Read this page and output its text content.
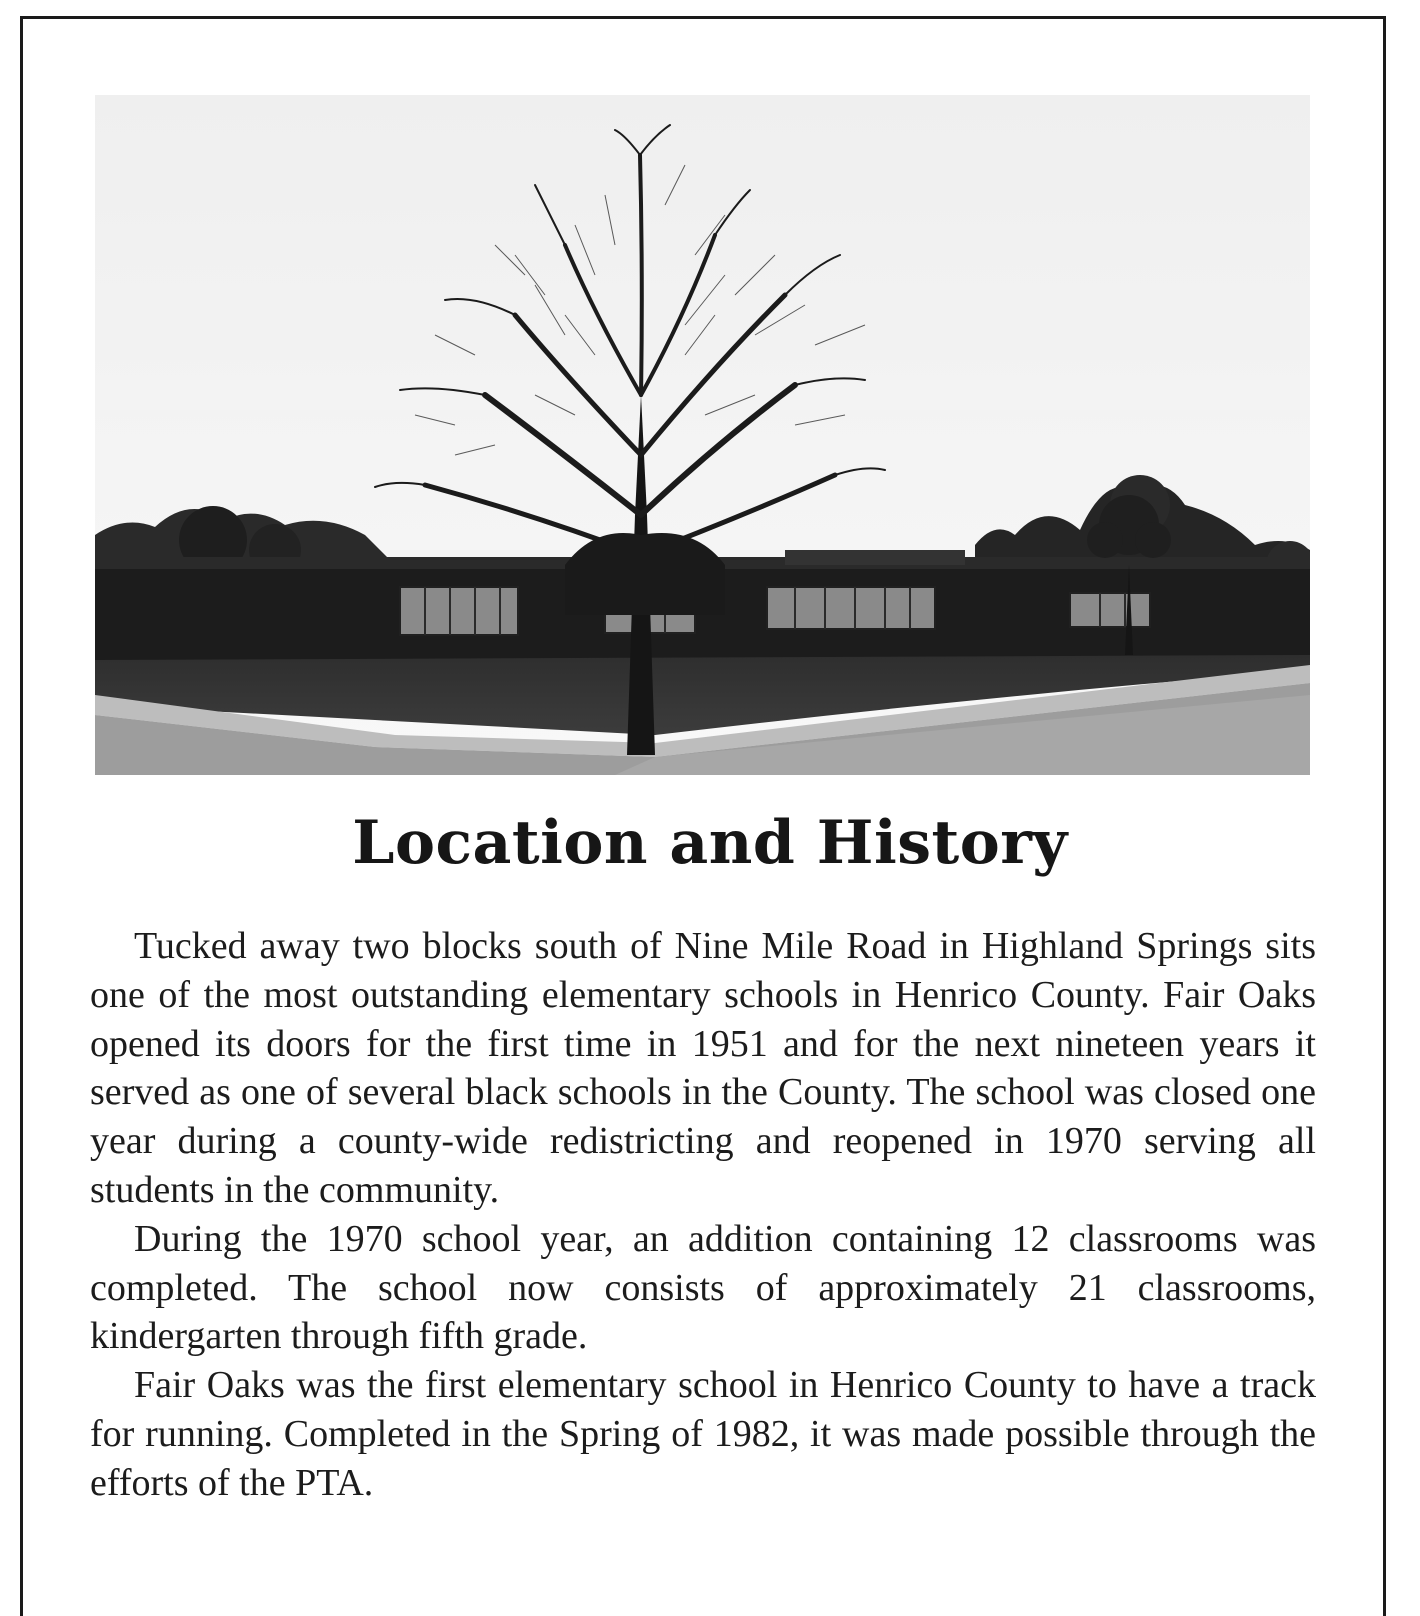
Location and History

Tucked away two blocks south of Nine Mile Road in Highland Springs sits one of the most outstanding elementary schools in Henrico County. Fair Oaks opened its doors for the first time in 1951 and for the next nineteen years it served as one of several black schools in the County. The school was closed one year during a county-wide redistricting and reopened in 1970 serving all students in the community.

During the 1970 school year, an addition containing 12 classrooms was completed. The school now consists of approximately 21 classrooms, kindergarten through fifth grade.

Fair Oaks was the first elementary school in Henrico County to have a track for running. Completed in the Spring of 1982, it was made possible through the efforts of the PTA.
